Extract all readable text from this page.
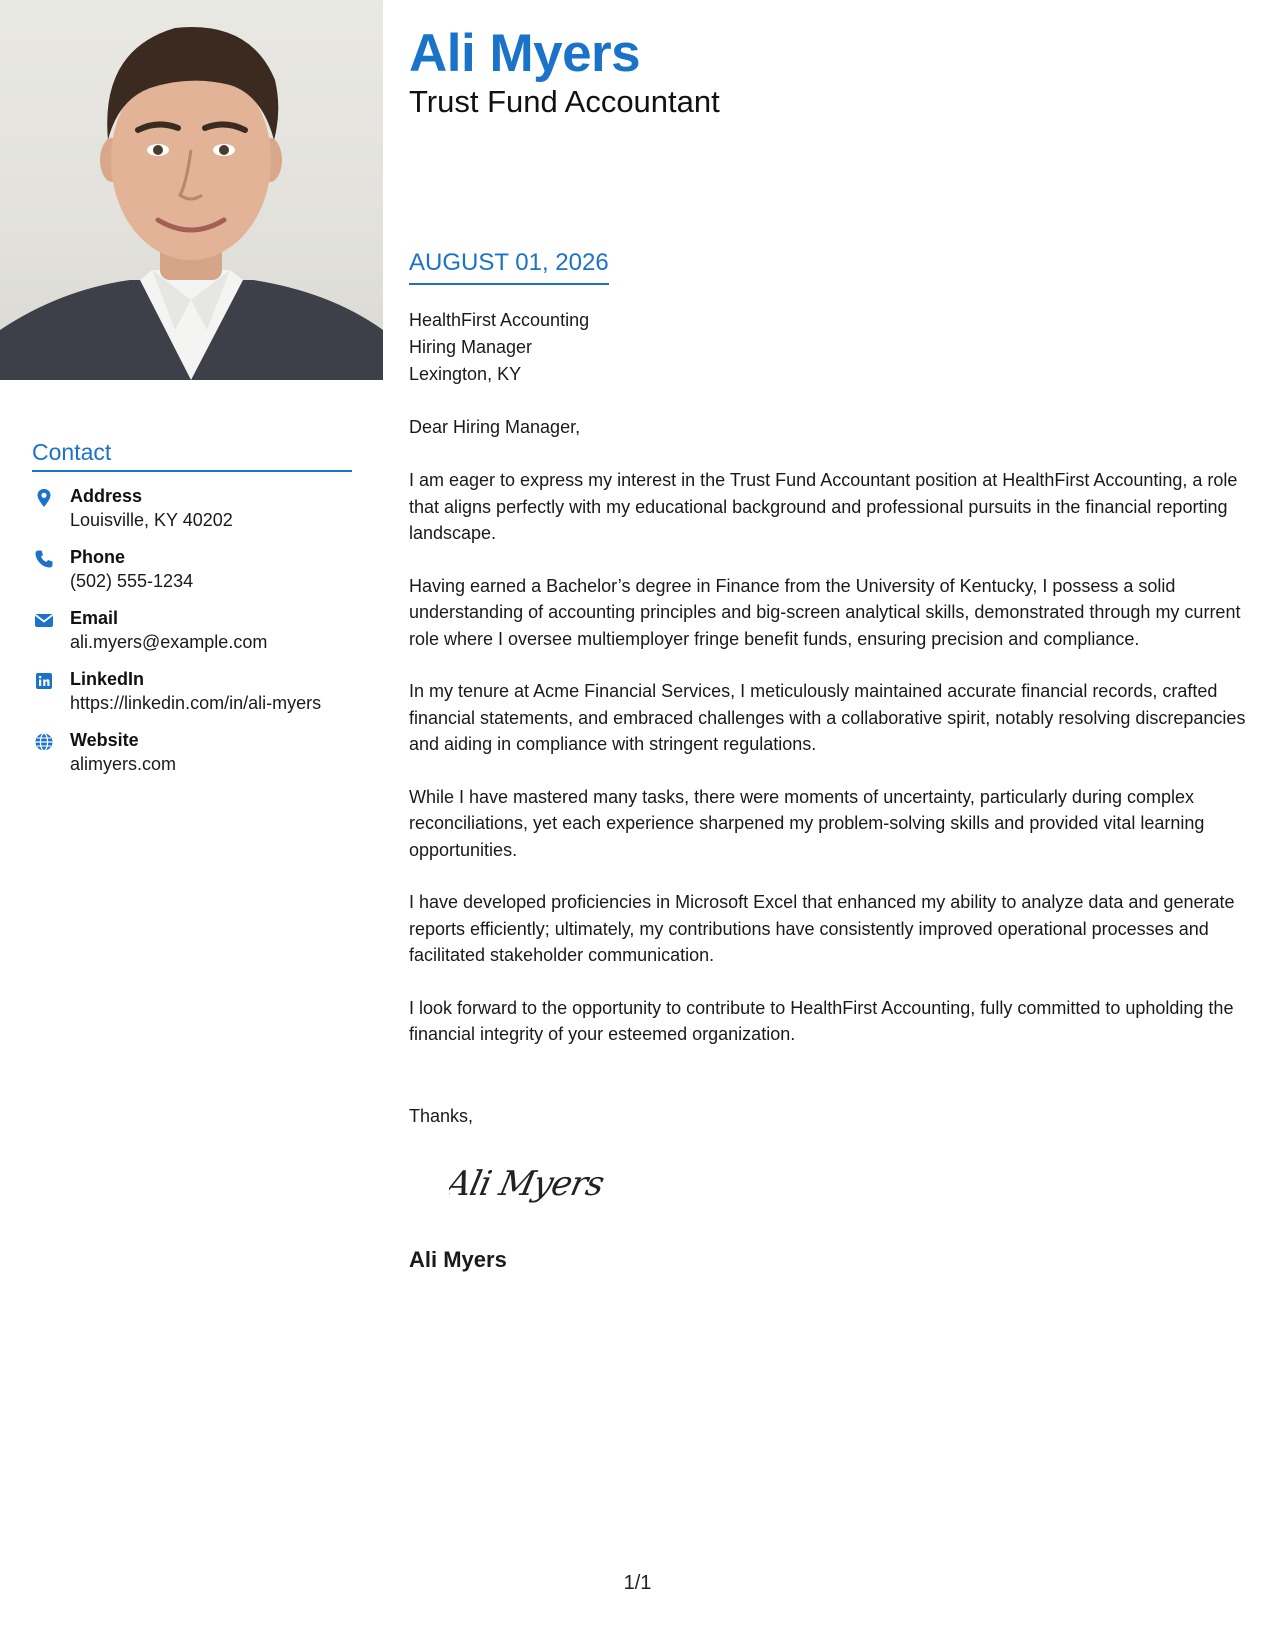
Contact
Address
Louisville, KY 40202
Phone
(502) 555-1234
Email
ali.myers@example.com
LinkedIn
https://linkedin.com/in/ali-myers
Website
alimyers.com
Ali Myers
Trust Fund Accountant
AUGUST 01, 2026
HealthFirst Accounting
Hiring Manager
Lexington, KY
Dear Hiring Manager,

I am eager to express my interest in the Trust Fund Accountant position at HealthFirst Accounting, a role that aligns perfectly with my educational background and professional pursuits in the financial reporting landscape.

Having earned a Bachelor’s degree in Finance from the University of Kentucky, I possess a solid understanding of accounting principles and big-screen analytical skills, demonstrated through my current role where I oversee multiemployer fringe benefit funds, ensuring precision and compliance.

In my tenure at Acme Financial Services, I meticulously maintained accurate financial records, crafted financial statements, and embraced challenges with a collaborative spirit, notably resolving discrepancies and aiding in compliance with stringent regulations.

While I have mastered many tasks, there were moments of uncertainty, particularly during complex reconciliations, yet each experience sharpened my problem-solving skills and provided vital learning opportunities.

I have developed proficiencies in Microsoft Excel that enhanced my ability to analyze data and generate reports efficiently; ultimately, my contributions have consistently improved operational processes and facilitated stakeholder communication.

I look forward to the opportunity to contribute to HealthFirst Accounting, fully committed to upholding the financial integrity of your esteemed organization.

Thanks,
Ali Myers
Ali Myers
1/1
